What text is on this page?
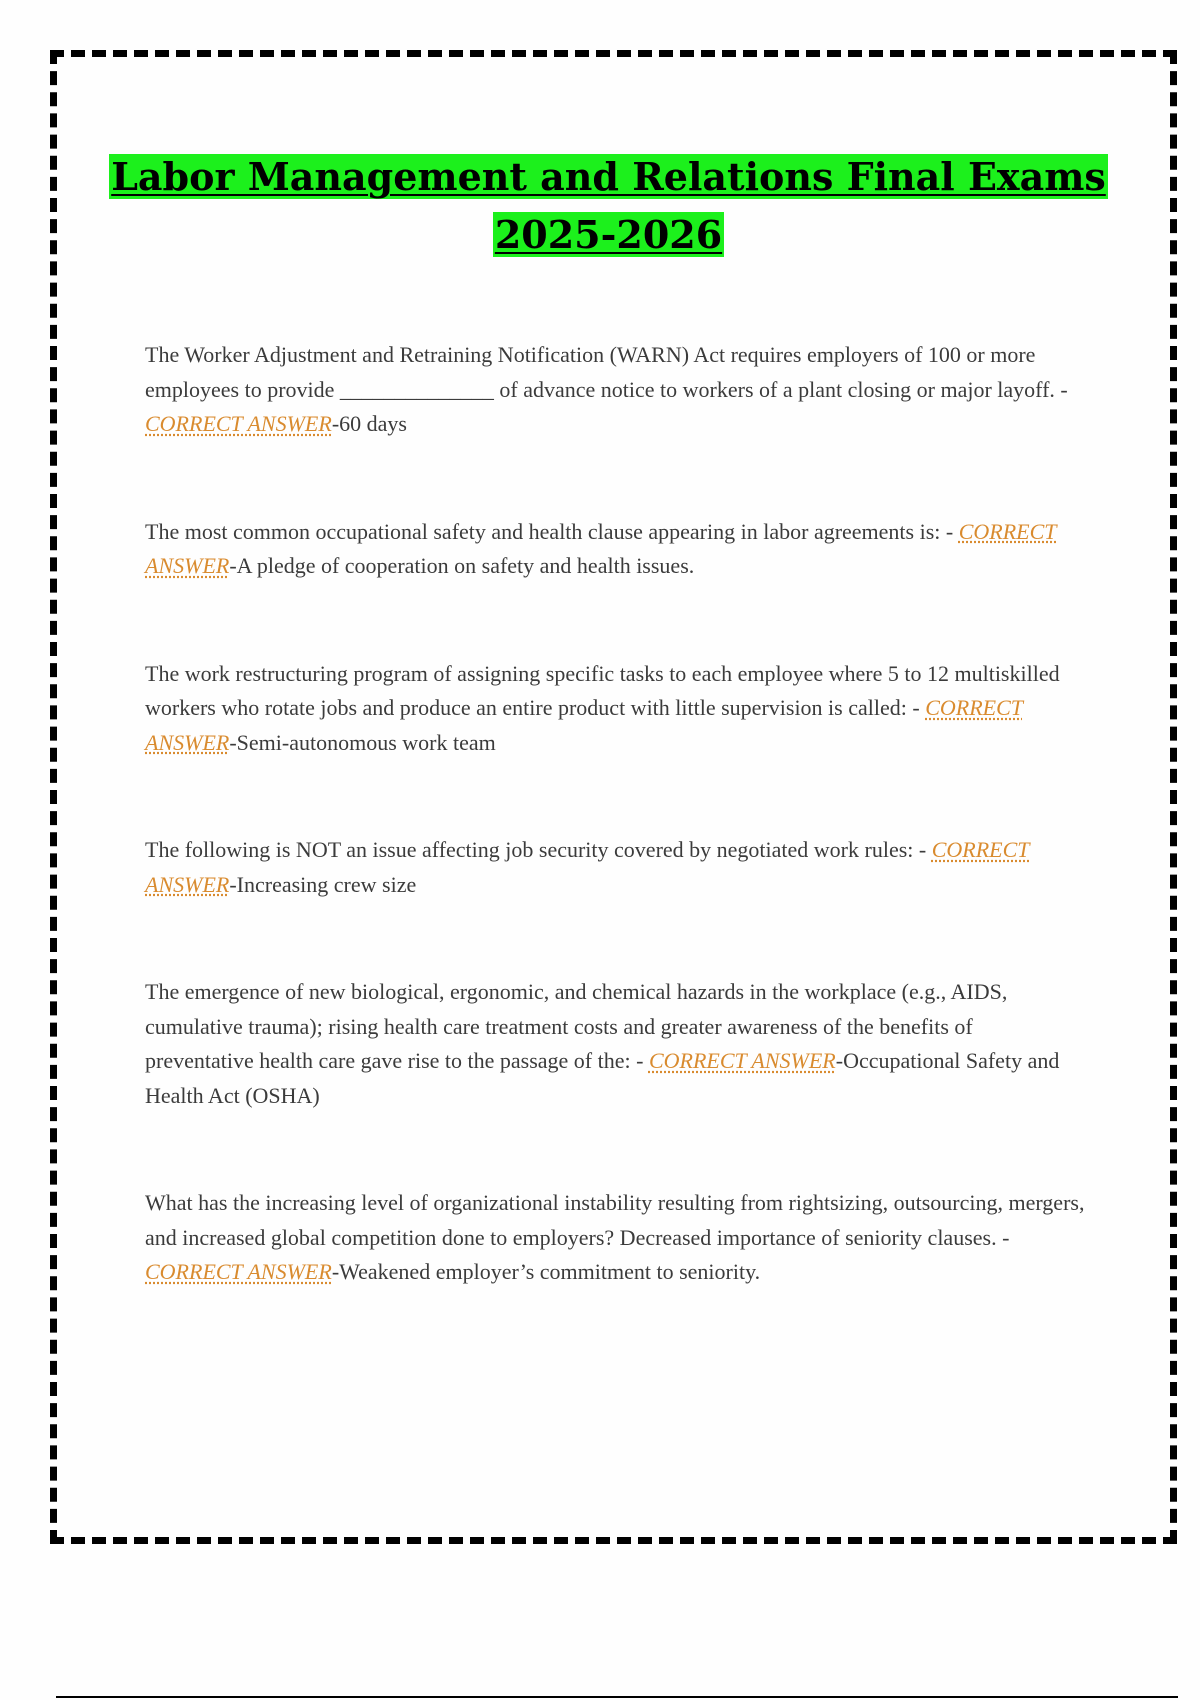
Labor Management and Relations Final Exams
2025-2026
The Worker Adjustment and Retraining Notification (WARN) Act requires employers of 100 or more employees to provide ______________ of advance notice to workers of a plant closing or major layoff. - CORRECT ANSWER-60 days
The most common occupational safety and health clause appearing in labor agreements is: - CORRECT ANSWER-A pledge of cooperation on safety and health issues.
The work restructuring program of assigning specific tasks to each employee where 5 to 12 multiskilled workers who rotate jobs and produce an entire product with little supervision is called: - CORRECT ANSWER-Semi-autonomous work team
The following is NOT an issue affecting job security covered by negotiated work rules: - CORRECT ANSWER-Increasing crew size
The emergence of new biological, ergonomic, and chemical hazards in the workplace (e.g., AIDS, cumulative trauma); rising health care treatment costs and greater awareness of the benefits of preventative health care gave rise to the passage of the: - CORRECT ANSWER-Occupational Safety and Health Act (OSHA)
What has the increasing level of organizational instability resulting from rightsizing, outsourcing, mergers, and increased global competition done to employers? Decreased importance of seniority clauses. - CORRECT ANSWER-Weakened employer’s commitment to seniority.
